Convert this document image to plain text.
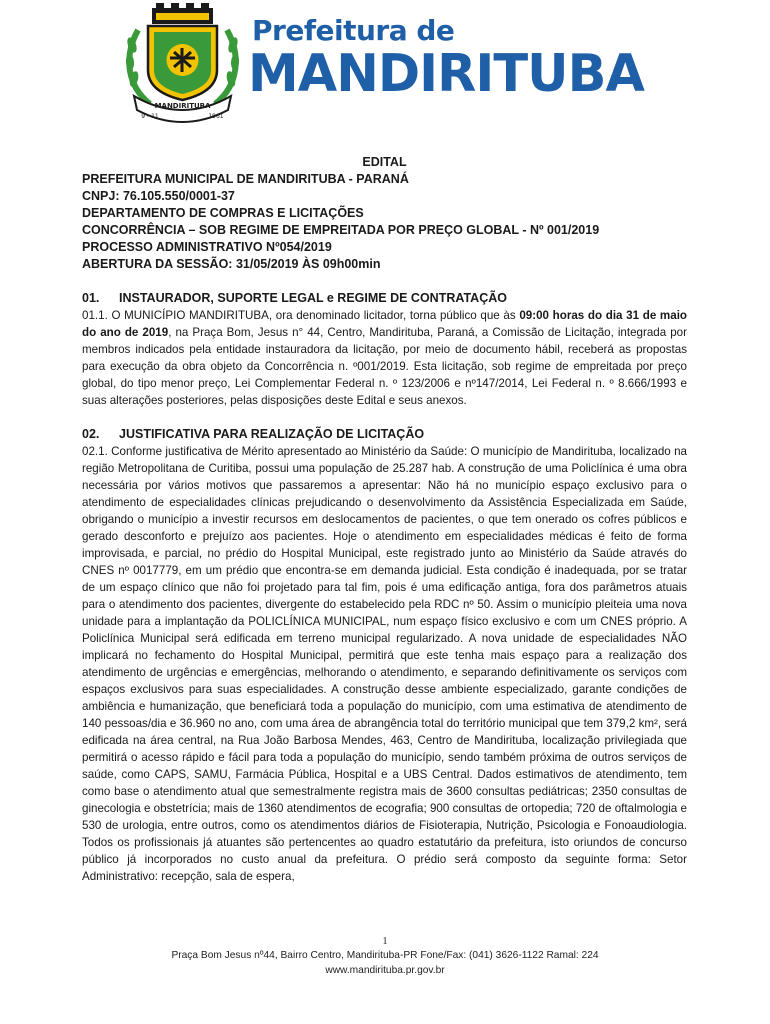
MANDIRITUBA
9 - 11	1961
Prefeitura de
MANDIRITUBA
EDITAL
PREFEITURA MUNICIPAL DE MANDIRITUBA - PARANÁ
CNPJ: 76.105.550/0001-37
DEPARTAMENTO DE COMPRAS E LICITAÇÕES
CONCORRÊNCIA – SOB REGIME DE EMPREITADA POR PREÇO GLOBAL - Nº 001/2019
PROCESSO ADMINISTRATIVO Nº054/2019
ABERTURA DA SESSÃO: 31/05/2019 ÀS 09h00min
01. INSTAURADOR, SUPORTE LEGAL e REGIME DE CONTRATAÇÃO

01.1. O MUNICÍPIO MANDIRITUBA, ora denominado licitador, torna público que às 09:00 horas do dia 31 de maio do ano de 2019, na Praça Bom, Jesus n° 44, Centro, Mandirituba, Paraná, a Comissão de Licitação, integrada por membros indicados pela entidade instauradora da licitação, por meio de documento hábil, receberá as propostas para execução da obra objeto da Concorrência n. º001/2019. Esta licitação, sob regime de empreitada por preço global, do tipo menor preço, Lei Complementar Federal n. º 123/2006 e nº147/2014, Lei Federal n. º 8.666/1993 e suas alterações posteriores, pelas disposições deste Edital e seus anexos.

02. JUSTIFICATIVA PARA REALIZAÇÃO DE LICITAÇÃO

02.1. Conforme justificativa de Mérito apresentado ao Ministério da Saúde: O município de Mandirituba, localizado na região Metropolitana de Curitiba, possui uma população de 25.287 hab. A construção de uma Policlínica é uma obra necessária por vários motivos que passaremos a apresentar: Não há no município espaço exclusivo para o atendimento de especialidades clínicas prejudicando o desenvolvimento da Assistência Especializada em Saúde, obrigando o município a investir recursos em deslocamentos de pacientes, o que tem onerado os cofres públicos e gerado desconforto e prejuízo aos pacientes. Hoje o atendimento em especialidades médicas é feito de forma improvisada, e parcial, no prédio do Hospital Municipal, este registrado junto ao Ministério da Saúde através do CNES nº 0017779, em um prédio que encontra-se em demanda judicial. Esta condição é inadequada, por se tratar de um espaço clínico que não foi projetado para tal fim, pois é uma edificação antiga, fora dos parâmetros atuais para o atendimento dos pacientes, divergente do estabelecido pela RDC nº 50. Assim o município pleiteia uma nova unidade para a implantação da POLICLÍNICA MUNICIPAL, num espaço físico exclusivo e com um CNES próprio. A Policlínica Municipal será edificada em terreno municipal regularizado. A nova unidade de especialidades NÃO implicará no fechamento do Hospital Municipal, permitirá que este tenha mais espaço para a realização dos atendimento de urgências e emergências, melhorando o atendimento, e separando definitivamente os serviços com espaços exclusivos para suas especialidades. A construção desse ambiente especializado, garante condições de ambiência e humanização, que beneficiará toda a população do município, com uma estimativa de atendimento de 140 pessoas/dia e 36.960 no ano, com uma área de abrangência total do território municipal que tem 379,2 km², será edificada na área central, na Rua João Barbosa Mendes, 463, Centro de Mandirituba, localização privilegiada que permitirá o acesso rápido e fácil para toda a população do município, sendo também próxima de outros serviços de saúde, como CAPS, SAMU, Farmácia Pública, Hospital e a UBS Central. Dados estimativos de atendimento, tem como base o atendimento atual que semestralmente registra mais de 3600 consultas pediátricas; 2350 consultas de ginecologia e obstetrícia; mais de 1360 atendimentos de ecografia; 900 consultas de ortopedia; 720 de oftalmologia e 530 de urologia, entre outros, como os atendimentos diários de Fisioterapia, Nutrição, Psicologia e Fonoaudiologia. Todos os profissionais já atuantes são pertencentes ao quadro estatutário da prefeitura, isto oriundos de concurso público já incorporados no custo anual da prefeitura. O prédio será composto da seguinte forma: Setor Administrativo: recepção, sala de espera,

1
Praça Bom Jesus nº44, Bairro Centro, Mandirituba-PR Fone/Fax: (041) 3626-1122 Ramal: 224
www.mandirituba.pr.gov.br
